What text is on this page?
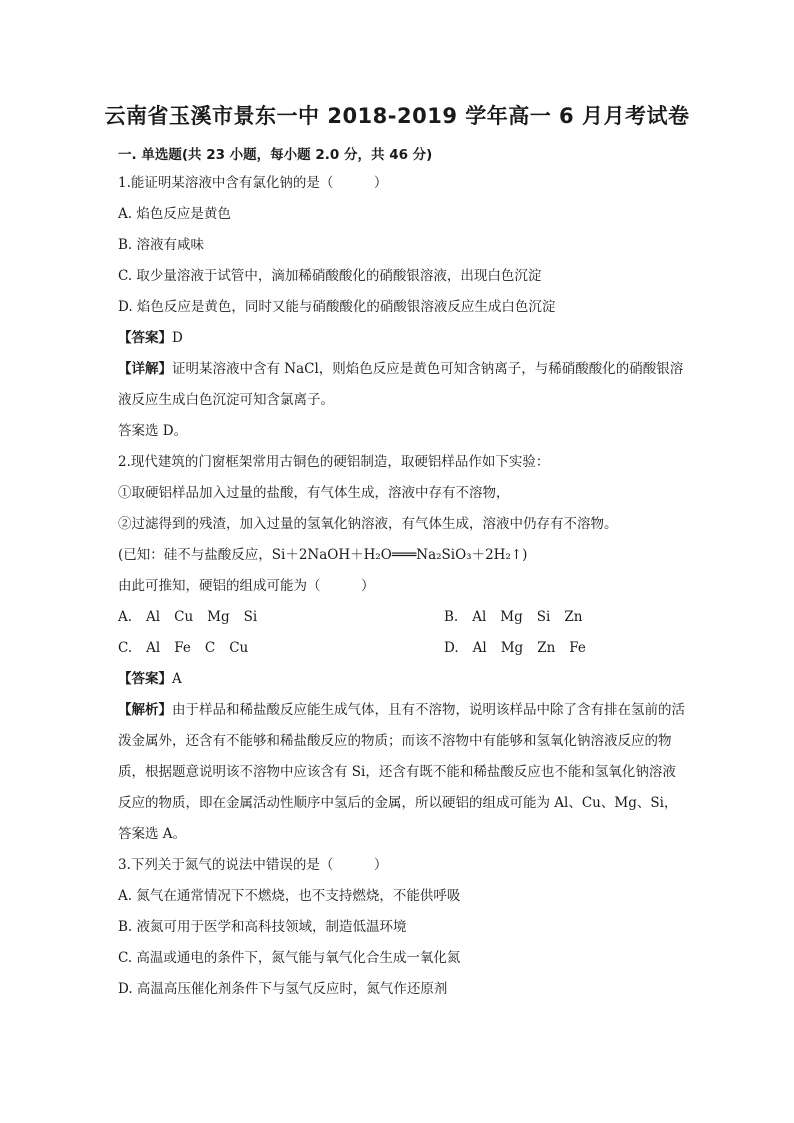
云南省玉溪市景东一中 2018-2019 学年高一 6 月月考试卷
一. 单选题(共 23 小题，每小题 2.0 分，共 46 分)
1.能证明某溶液中含有氯化钠的是（　　　）
A. 焰色反应是黄色
B. 溶液有咸味
C. 取少量溶液于试管中，滴加稀硝酸酸化的硝酸银溶液，出现白色沉淀
D. 焰色反应是黄色，同时又能与硝酸酸化的硝酸银溶液反应生成白色沉淀
【答案】D
【详解】证明某溶液中含有 NaCl，则焰色反应是黄色可知含钠离子，与稀硝酸酸化的硝酸银溶液反应生成白色沉淀可知含氯离子。
答案选 D。
2.现代建筑的门窗框架常用古铜色的硬铝制造，取硬铝样品作如下实验：
①取硬铝样品加入过量的盐酸，有气体生成，溶液中存有不溶物，
②过滤得到的残渣，加入过量的氢氧化钠溶液，有气体生成，溶液中仍存有不溶物。
(已知：硅不与盐酸反应，Si＋2NaOH＋H₂O═══Na₂SiO₃＋2H₂↑)
由此可推知，硬铝的组成可能为（　　　）
A. Al Cu Mg Si	B. Al Mg Si Zn
C. Al Fe C Cu	D. Al Mg Zn Fe
【答案】A
【解析】由于样品和稀盐酸反应能生成气体，且有不溶物，说明该样品中除了含有排在氢前的活泼金属外，还含有不能够和稀盐酸反应的物质；而该不溶物中有能够和氢氧化钠溶液反应的物质，根据题意说明该不溶物中应该含有 Si，还含有既不能和稀盐酸反应也不能和氢氧化钠溶液反应的物质，即在金属活动性顺序中氢后的金属，所以硬铝的组成可能为 Al、Cu、Mg、Si，答案选 A。
3.下列关于氮气的说法中错误的是（　　　）
A. 氮气在通常情况下不燃烧，也不支持燃烧，不能供呼吸
B. 液氮可用于医学和高科技领域，制造低温环境
C. 高温或通电的条件下，氮气能与氧气化合生成一氧化氮
D. 高温高压催化剂条件下与氢气反应时，氮气作还原剂
